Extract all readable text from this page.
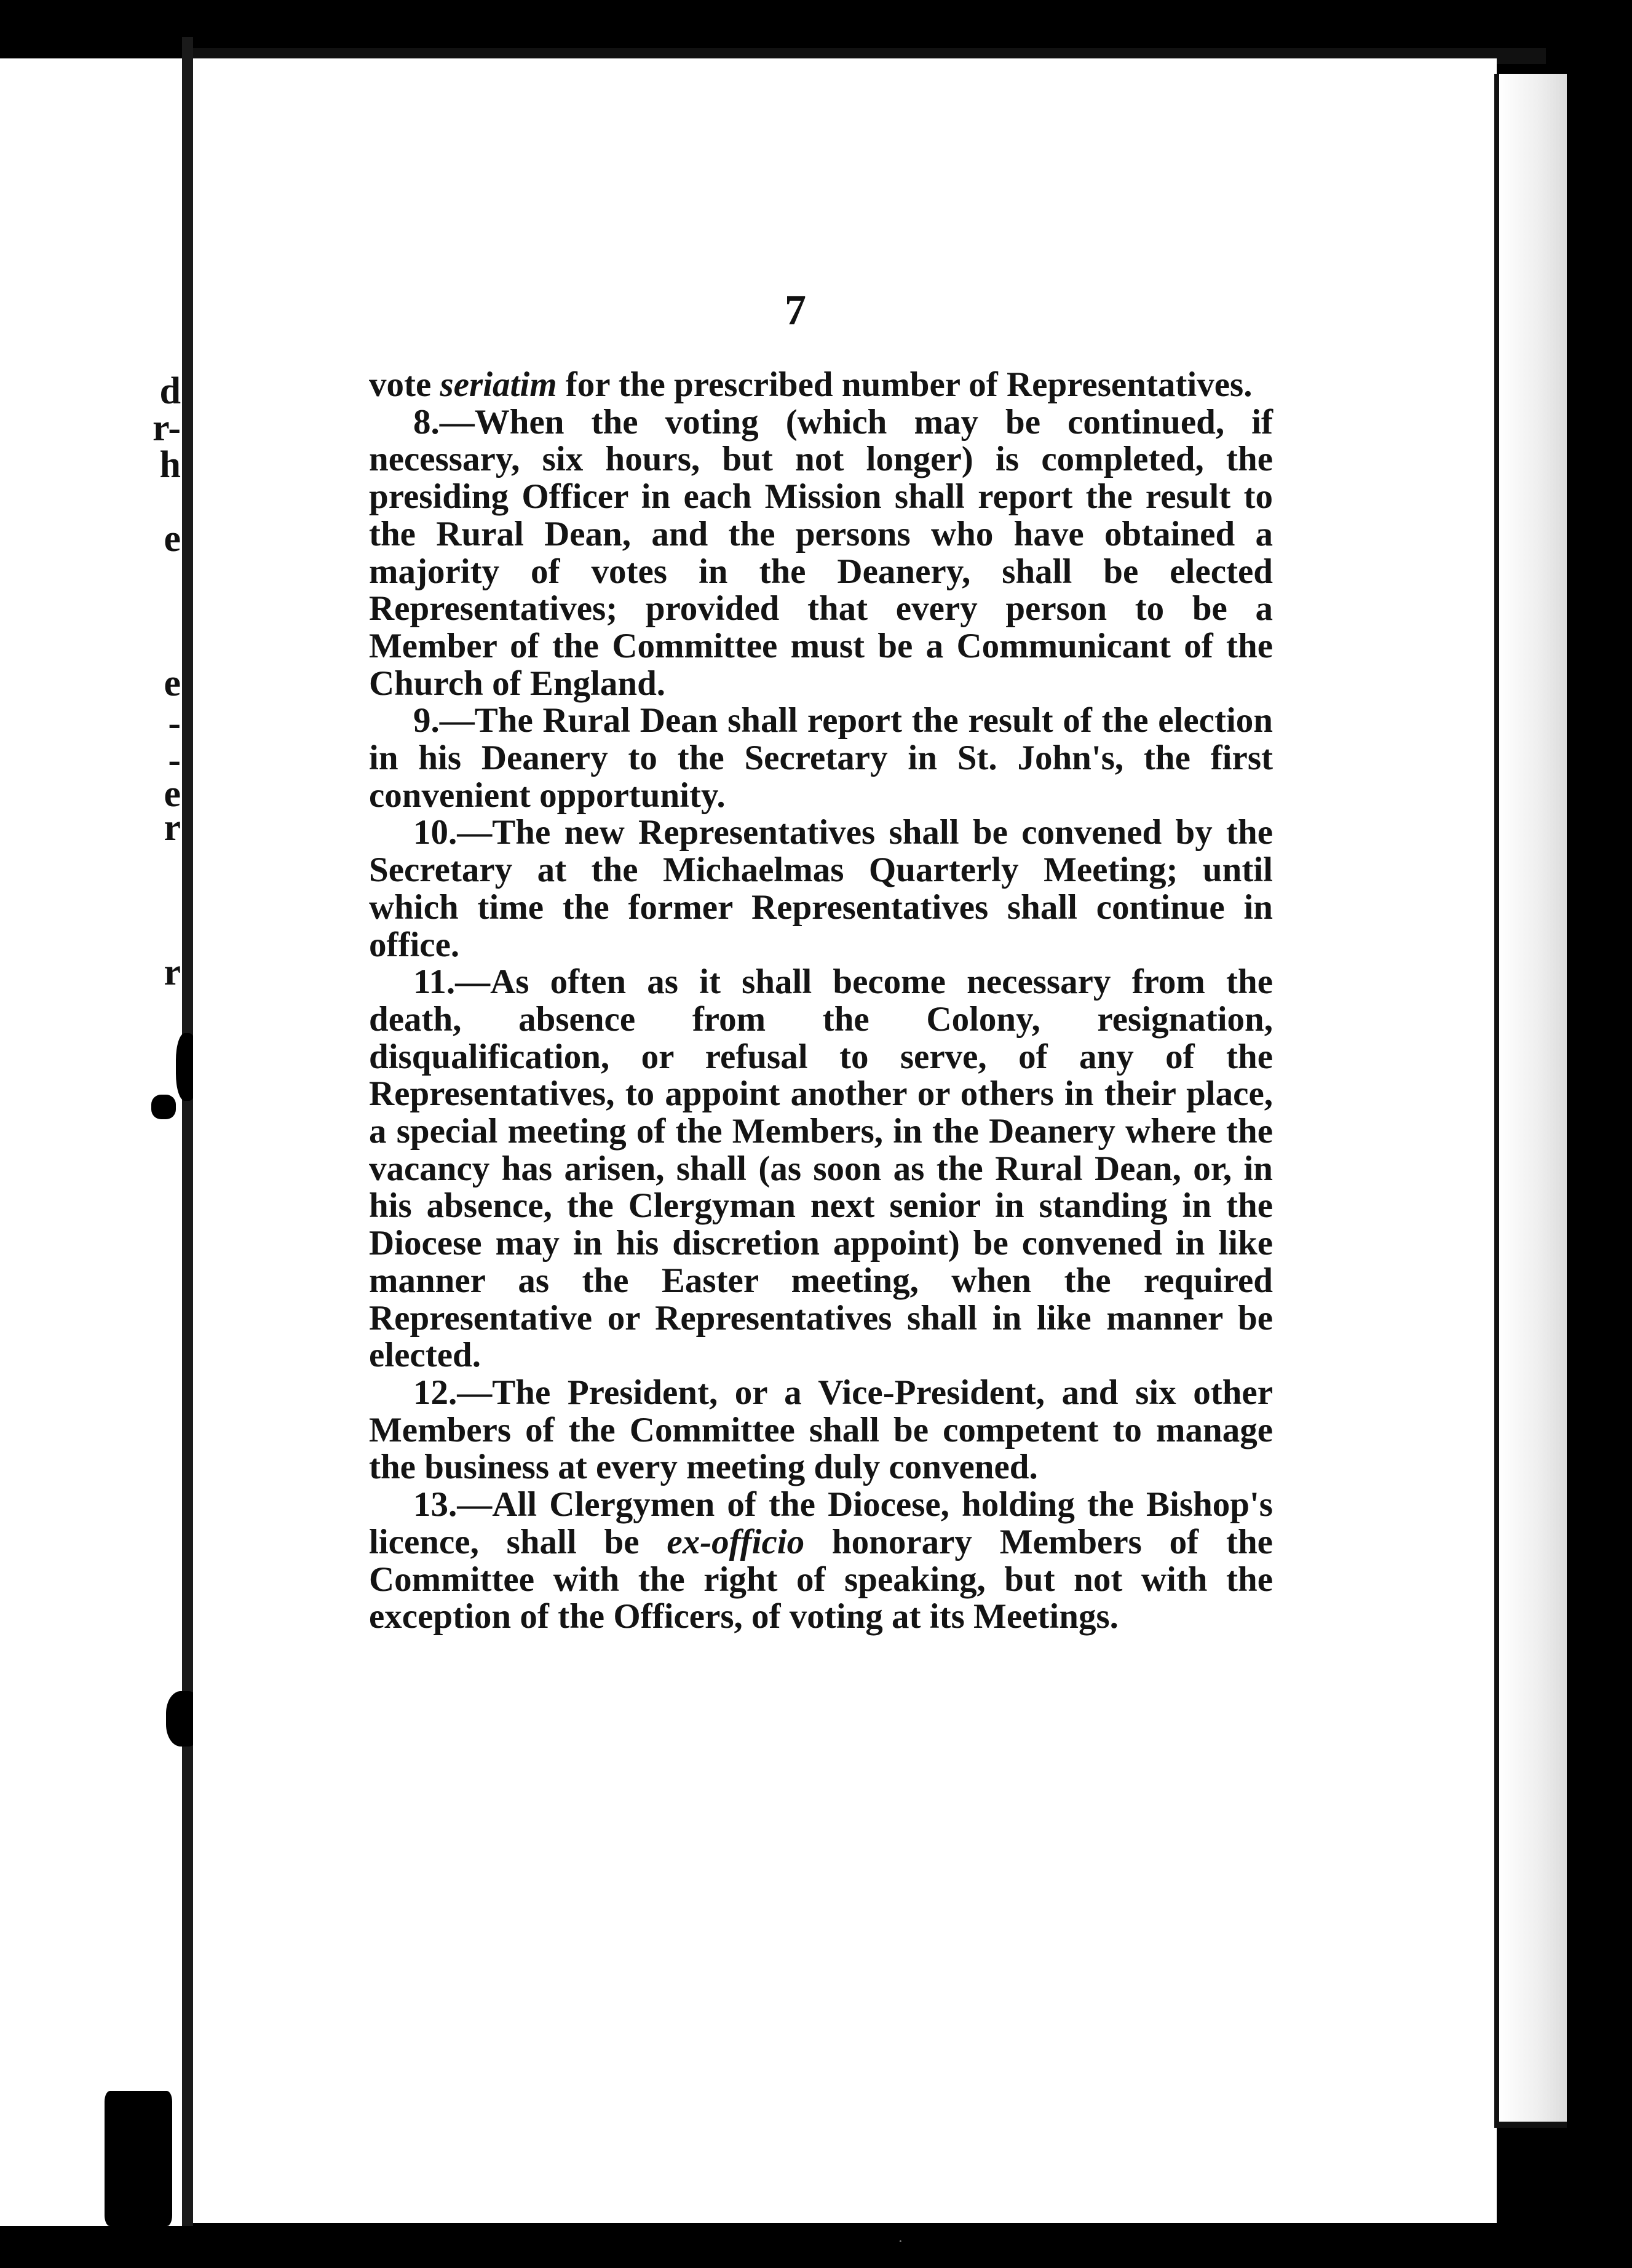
d
r-
h
e
e
-
-
e
r
r
7

vote seriatim for the prescribed number of Representatives.

8.—When the voting (which may be continued, if necessary, six hours, but not longer) is completed, the presiding Officer in each Mission shall report the result to the Rural Dean, and the persons who have obtained a majority of votes in the Deanery, shall be elected Representatives; provided that every person to be a Member of the Committee must be a Communicant of the Church of England.

9.—The Rural Dean shall report the result of the election in his Deanery to the Secretary in St. John's, the first convenient opportunity.

10.—The new Representatives shall be convened by the Secretary at the Michaelmas Quarterly Meeting; until which time the former Representatives shall continue in office.

11.—As often as it shall become necessary from the death, absence from the Colony, resignation, disqualification, or refusal to serve, of any of the Representatives, to appoint another or others in their place, a special meeting of the Members, in the Deanery where the vacancy has arisen, shall (as soon as the Rural Dean, or, in his absence, the Clergyman next senior in standing in the Diocese may in his discretion appoint) be convened in like manner as the Easter meeting, when the required Representative or Representatives shall in like manner be elected.

12.—The President, or a Vice-President, and six other Members of the Committee shall be competent to manage the business at every meeting duly convened.

13.—All Clergymen of the Diocese, holding the Bishop's licence, shall be ex-officio honorary Members of the Committee with the right of speaking, but not with the exception of the Officers, of voting at its Meetings.

·
